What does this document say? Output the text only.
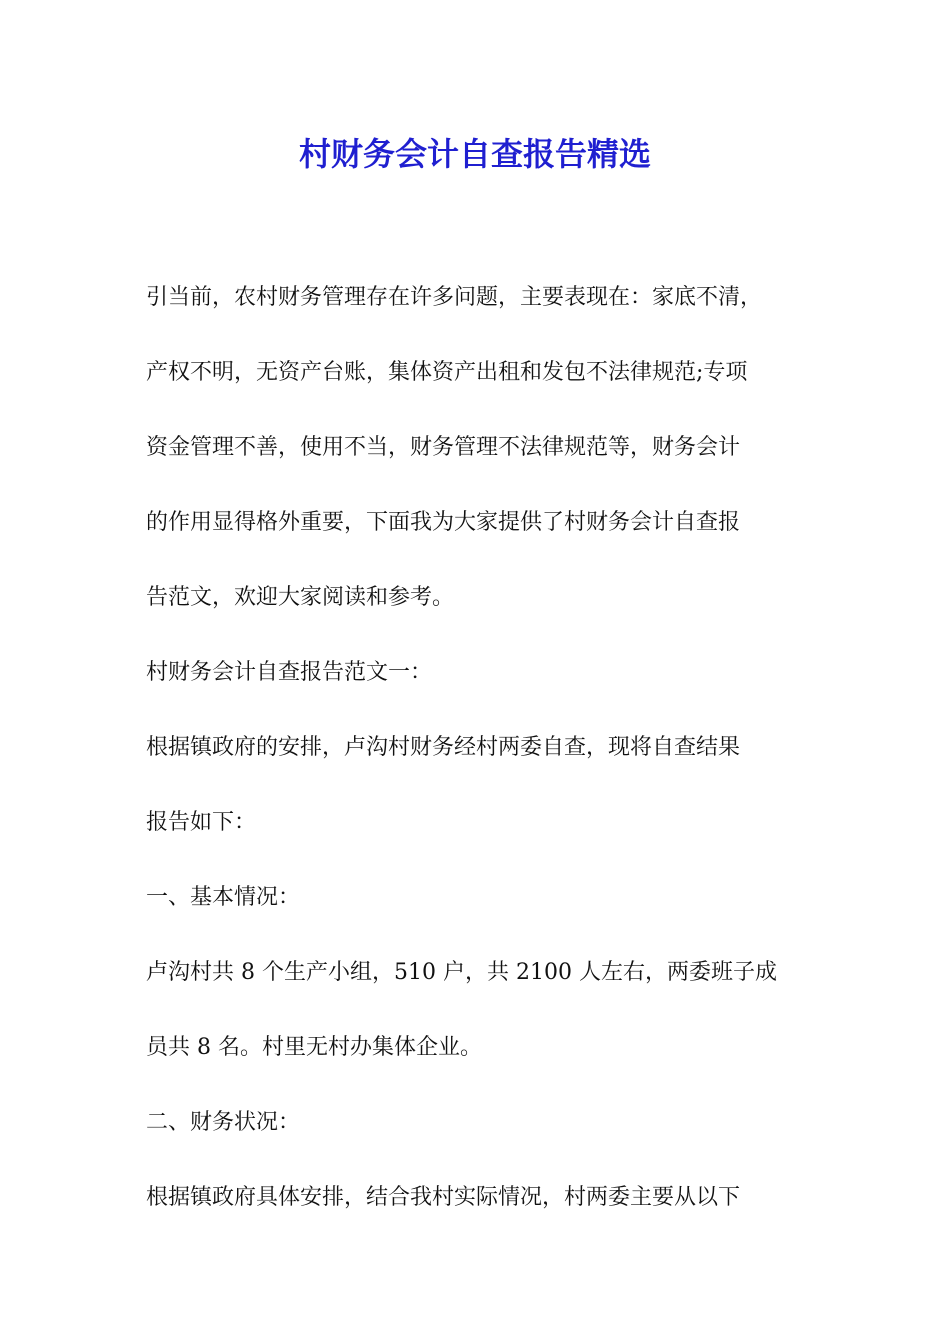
村财务会计自查报告精选
引当前，农村财务管理存在许多问题，主要表现在：家底不清，
产权不明，无资产台账，集体资产出租和发包不法律规范;专项
资金管理不善，使用不当，财务管理不法律规范等，财务会计
的作用显得格外重要，下面我为大家提供了村财务会计自查报
告范文，欢迎大家阅读和参考。
村财务会计自查报告范文一：
根据镇政府的安排，卢沟村财务经村两委自查，现将自查结果
报告如下：
一、基本情况：
卢沟村共 8 个生产小组，510 户，共 2100 人左右，两委班子成
员共 8 名。村里无村办集体企业。
二、财务状况：
根据镇政府具体安排，结合我村实际情况，村两委主要从以下
